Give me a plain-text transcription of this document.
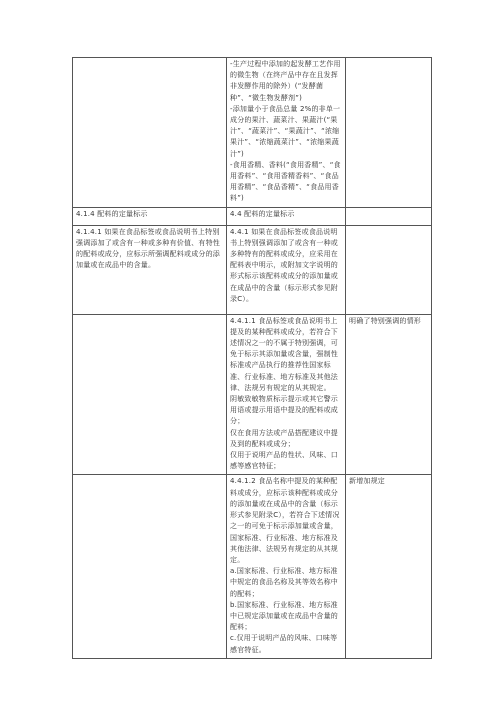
	-生产过程中添加的起发酵工艺作用的微生物（在终产品中存在且发挥非发酵作用的除外）(“发酵菌种”、“微生物发酵剂”)
-添加量小于食品总量 2%的非单一成分的果汁、蔬菜汁、果蔬汁(“果汁”、“蔬菜汁”、“果蔬汁”、“浓缩果汁”、“浓缩蔬菜汁”、“浓缩果蔬汁”)
-食用香精、香料(“食用香精”、“食用香料”、“食用香精香料”、“食品用香精”、“食品香精”、“食品用香料”)	

4.1.4 配料的定量标示	4.4 配料的定量标示	
4.1.4.1 如果在食品标签或食品说明书上特别强调添加了或含有一种或多种有价值、有特性的配料或成分，应标示所强调配料或成分的添加量或在成品中的含量。	4.4.1 如果在食品标签或食品说明书上特别强调添加了或含有一种或多种特有的配料或成分，应采用在配料表中明示，或附加文字说明的形式标示该配料或成分的添加量或在成品中的含量（标示形式参见附录C）。	

	4.4.1.1 食品标签或食品说明书上提及的某种配料或成分，若符合下述情况之一的不属于特别强调，可免于标示其添加量或含量，强制性标准或产品执行的推荐性国家标准、行业标准、地方标准及其他法律、法规另有规定的从其规定。
阴敏致敏物质标示提示或其它警示用语或提示用语中提及的配料或成分；
仅在食用方法或产品搭配建议中提及到的配料或成分；
仅用于说明产品的性状、风味、口感等感官特征；	明确了特别强调的情形

	4.4.1.2 食品名称中提及的某种配料或成分，应标示该种配料或成分的添加量或在成品中的含量（标示形式参见附录C），若符合下述情况之一的可免于标示添加量或含量，国家标准、行业标准、地方标准及其他法律、法规另有规定的从其规定。
a.国家标准、行业标准、地方标准中规定的食品名称及其等效名称中的配料；
b.国家标准、行业标准、地方标准中已规定添加量或在成品中含量的配料；
c.仅用于说明产品的风味、口味等感官特征。	新增加规定
